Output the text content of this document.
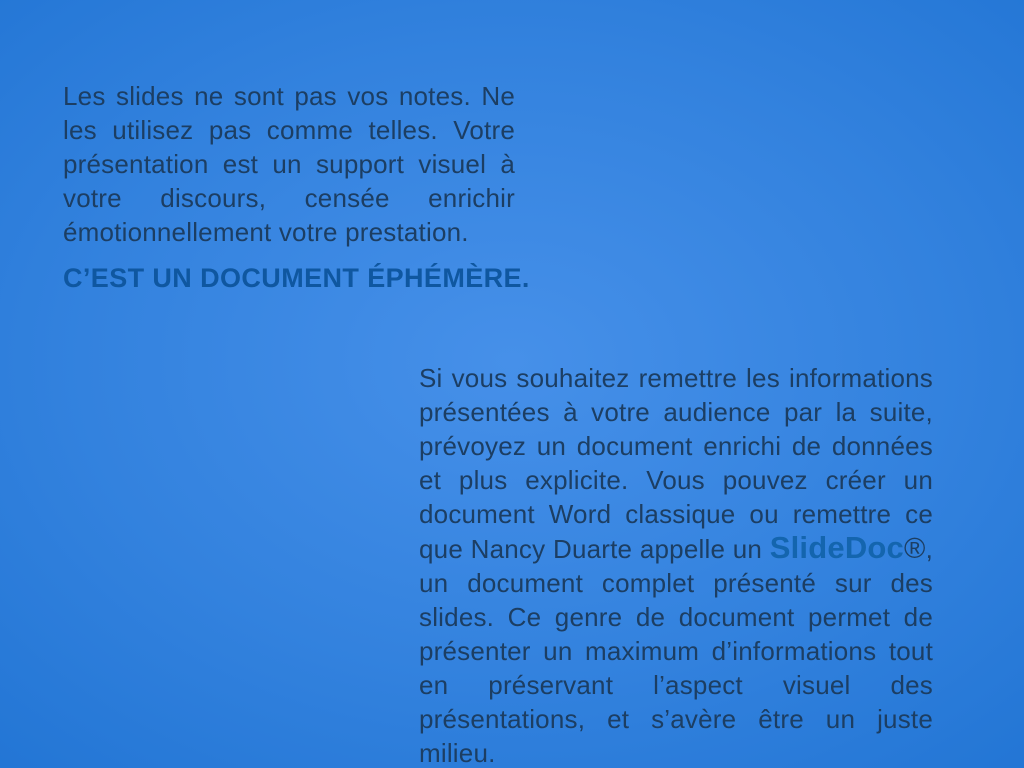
Les slides ne sont pas vos notes. Ne les utilisez pas comme telles. Votre présentation est un support visuel à votre discours, censée enrichir émotionnellement votre prestation.

C’EST UN DOCUMENT ÉPHÉMÈRE.

Si vous souhaitez remettre les informations présentées à votre audience par la suite, prévoyez un document enrichi de données et plus explicite. Vous pouvez créer un document Word classique ou remettre ce que Nancy Duarte appelle un SlideDoc®, un document complet présenté sur des slides. Ce genre de document permet de présenter un maximum d’informations tout en préservant l’aspect visuel des présentations, et s’avère être un juste milieu.
